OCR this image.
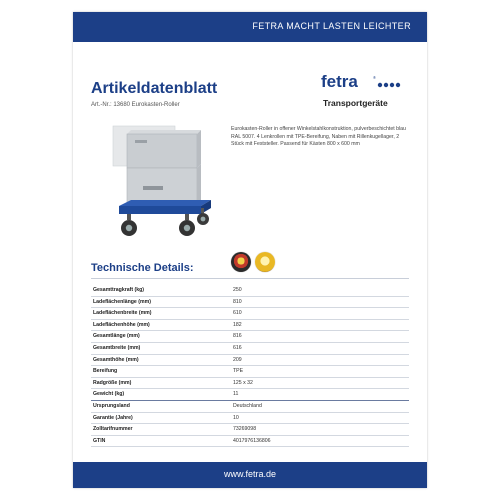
FETRA MACHT LASTEN LEICHTER
Artikeldatenblatt
Art.-Nr.: 13680 Eurokasten-Roller
fetra	®
Transportgeräte
Eurokasten-Roller in offener Winkelstahlkonstruktion, pulverbeschichtet blau RAL 5007. 4 Lenkrollen mit TPE-Bereifung, Naben mit Rillenkugellager, 2 Stück mit Feststeller. Passend für Kästen 800 x 600 mm
Technische Details:
Gesamttragkraft (kg)	250
Ladeflächenlänge (mm)	810
Ladeflächenbreite (mm)	610
Ladeflächenhöhe (mm)	182
Gesamtlänge (mm)	816
Gesamtbreite (mm)	616
Gesamthöhe (mm)	209
Bereifung	TPE
Radgröße (mm)	125 x 32
Gewicht (kg)	11
Ursprungsland	Deutschland
Garantie (Jahre)	10
Zolltarifnummer	73269098
GTIN	4017976136806
www.fetra.de
